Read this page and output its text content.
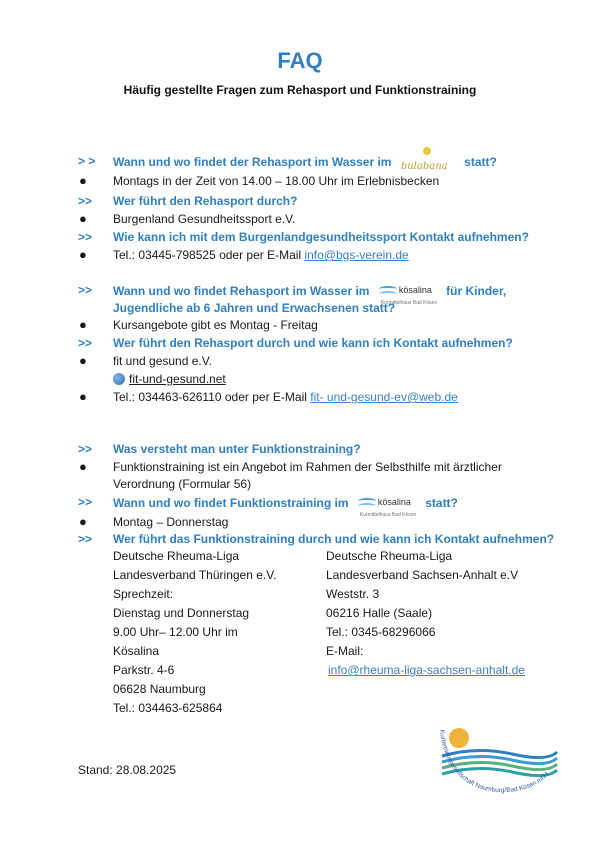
FAQ
Häufig gestellte Fragen zum Rehasport und Funktionstraining
> > Wann und wo findet der Rehasport im Wasser im bulabana statt?
● Montags in der Zeit von 14.00 – 18.00 Uhr im Erlebnisbecken
>> Wer führt den Rehasport durch?
● Burgenland Gesundheitssport e.V.
>> Wie kann ich mit dem Burgenlandgesundheitssport Kontakt aufnehmen?
● Tel.: 03445-798525 oder per E-Mail info@bgs-verein.de
>> Wann und wo findet Rehasport im Wasser im	kösalina
Kurmittelhaus Bad Kösen
für Kinder,
Jugendliche ab 6 Jahren und Erwachsenen statt?
● Kursangebote gibt es Montag - Freitag
>> Wer führt den Rehasport durch und wie kann ich Kontakt aufnehmen?
● fit und gesund e.V.
fit-und-gesund.net
● Tel.: 034463-626110 oder per E-Mail fit- und-gesund-ev@web.de
>> Was versteht man unter Funktionstraining?
● Funktionstraining ist ein Angebot im Rahmen der Selbsthilfe mit ärztlicher
Verordnung (Formular 56)
>> Wann und wo findet Funktionstraining im	kösalina
Kurmittelhaus Bad Kösen
statt?
● Montag – Donnerstag
>> Wer führt das Funktionstraining durch und wie kann ich Kontakt aufnehmen?
Deutsche Rheuma-Liga
Landesverband Thüringen e.V.
Sprechzeit:
Dienstag und Donnerstag
9.00 Uhr– 12.00 Uhr im
Kösalina
Parkstr. 4-6
06628 Naumburg
Tel.: 034463-625864
Deutsche Rheuma-Liga
Landesverband Sachsen-Anhalt e.V
Weststr. 3
06216 Halle (Saale)
Tel.: 0345-68296066
E-Mail:
info@rheuma-liga-sachsen-anhalt.de
Kurbetriebsgesellschaft Naumburg/Bad Kösen mbH
Stand: 28.08.2025
